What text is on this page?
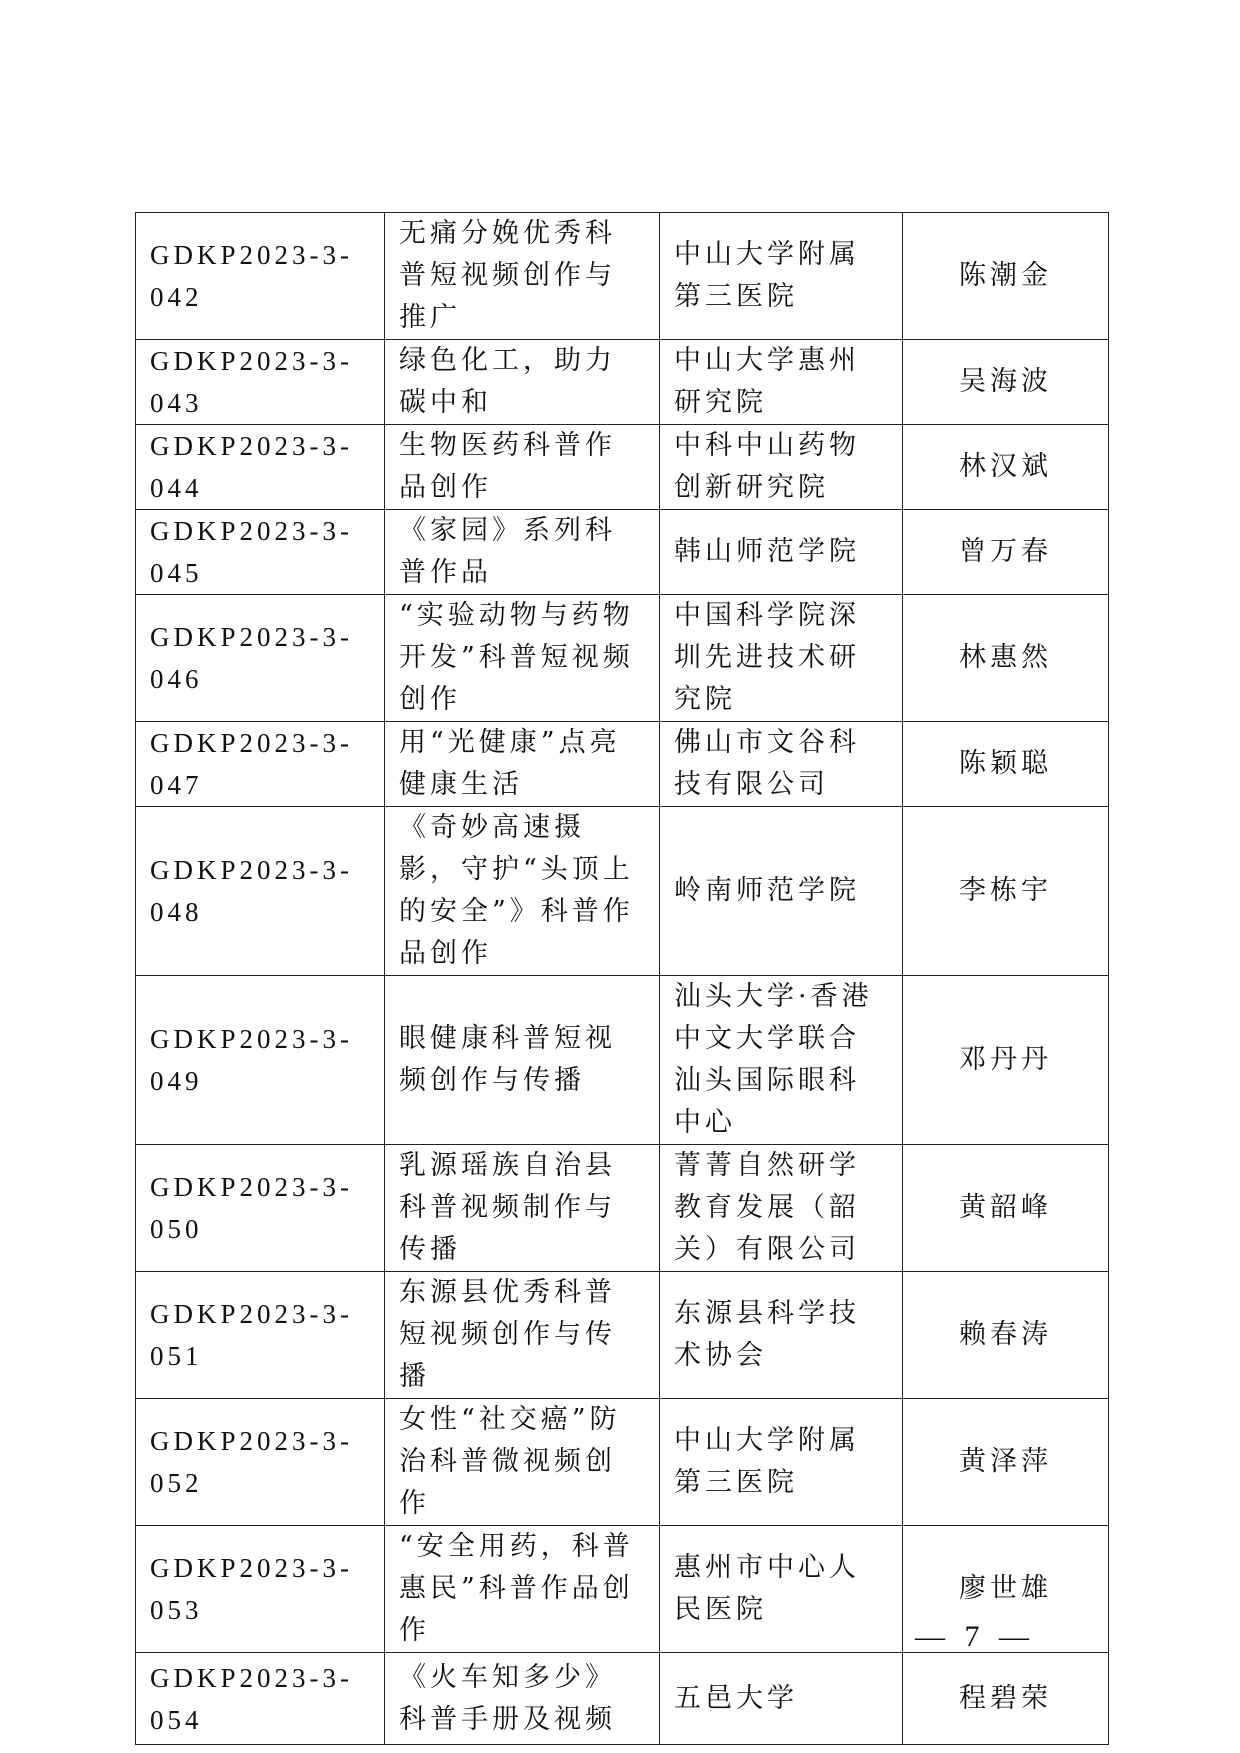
GDKP2023-3-042	无痛分娩优秀科普短视频创作与推广	中山大学附属第三医院	陈潮金
GDKP2023-3-043	绿色化工，助力碳中和	中山大学惠州研究院	吴海波
GDKP2023-3-044	生物医药科普作品创作	中科中山药物创新研究院	林汉斌
GDKP2023-3-045	《家园》系列科普作品	韩山师范学院	曾万春
GDKP2023-3-046	“实验动物与药物开发”科普短视频创作	中国科学院深圳先进技术研究院	林惠然
GDKP2023-3-047	用“光健康”点亮健康生活	佛山市文谷科技有限公司	陈颖聪
GDKP2023-3-048	《奇妙高速摄影，守护“头顶上的安全”》科普作品创作	岭南师范学院	李栋宇
GDKP2023-3-049	眼健康科普短视频创作与传播	汕头大学·香港中文大学联合汕头国际眼科中心	邓丹丹
GDKP2023-3-050	乳源瑶族自治县科普视频制作与传播	菁菁自然研学教育发展（韶关）有限公司	黄韶峰
GDKP2023-3-051	东源县优秀科普短视频创作与传播	东源县科学技术协会	赖春涛
GDKP2023-3-052	女性“社交癌”防治科普微视频创作	中山大学附属第三医院	黄泽萍
GDKP2023-3-053	“安全用药，科普惠民”科普作品创作	惠州市中心人民医院	廖世雄
GDKP2023-3-054	《火车知多少》科普手册及视频	五邑大学	程碧荣
— 7 —
